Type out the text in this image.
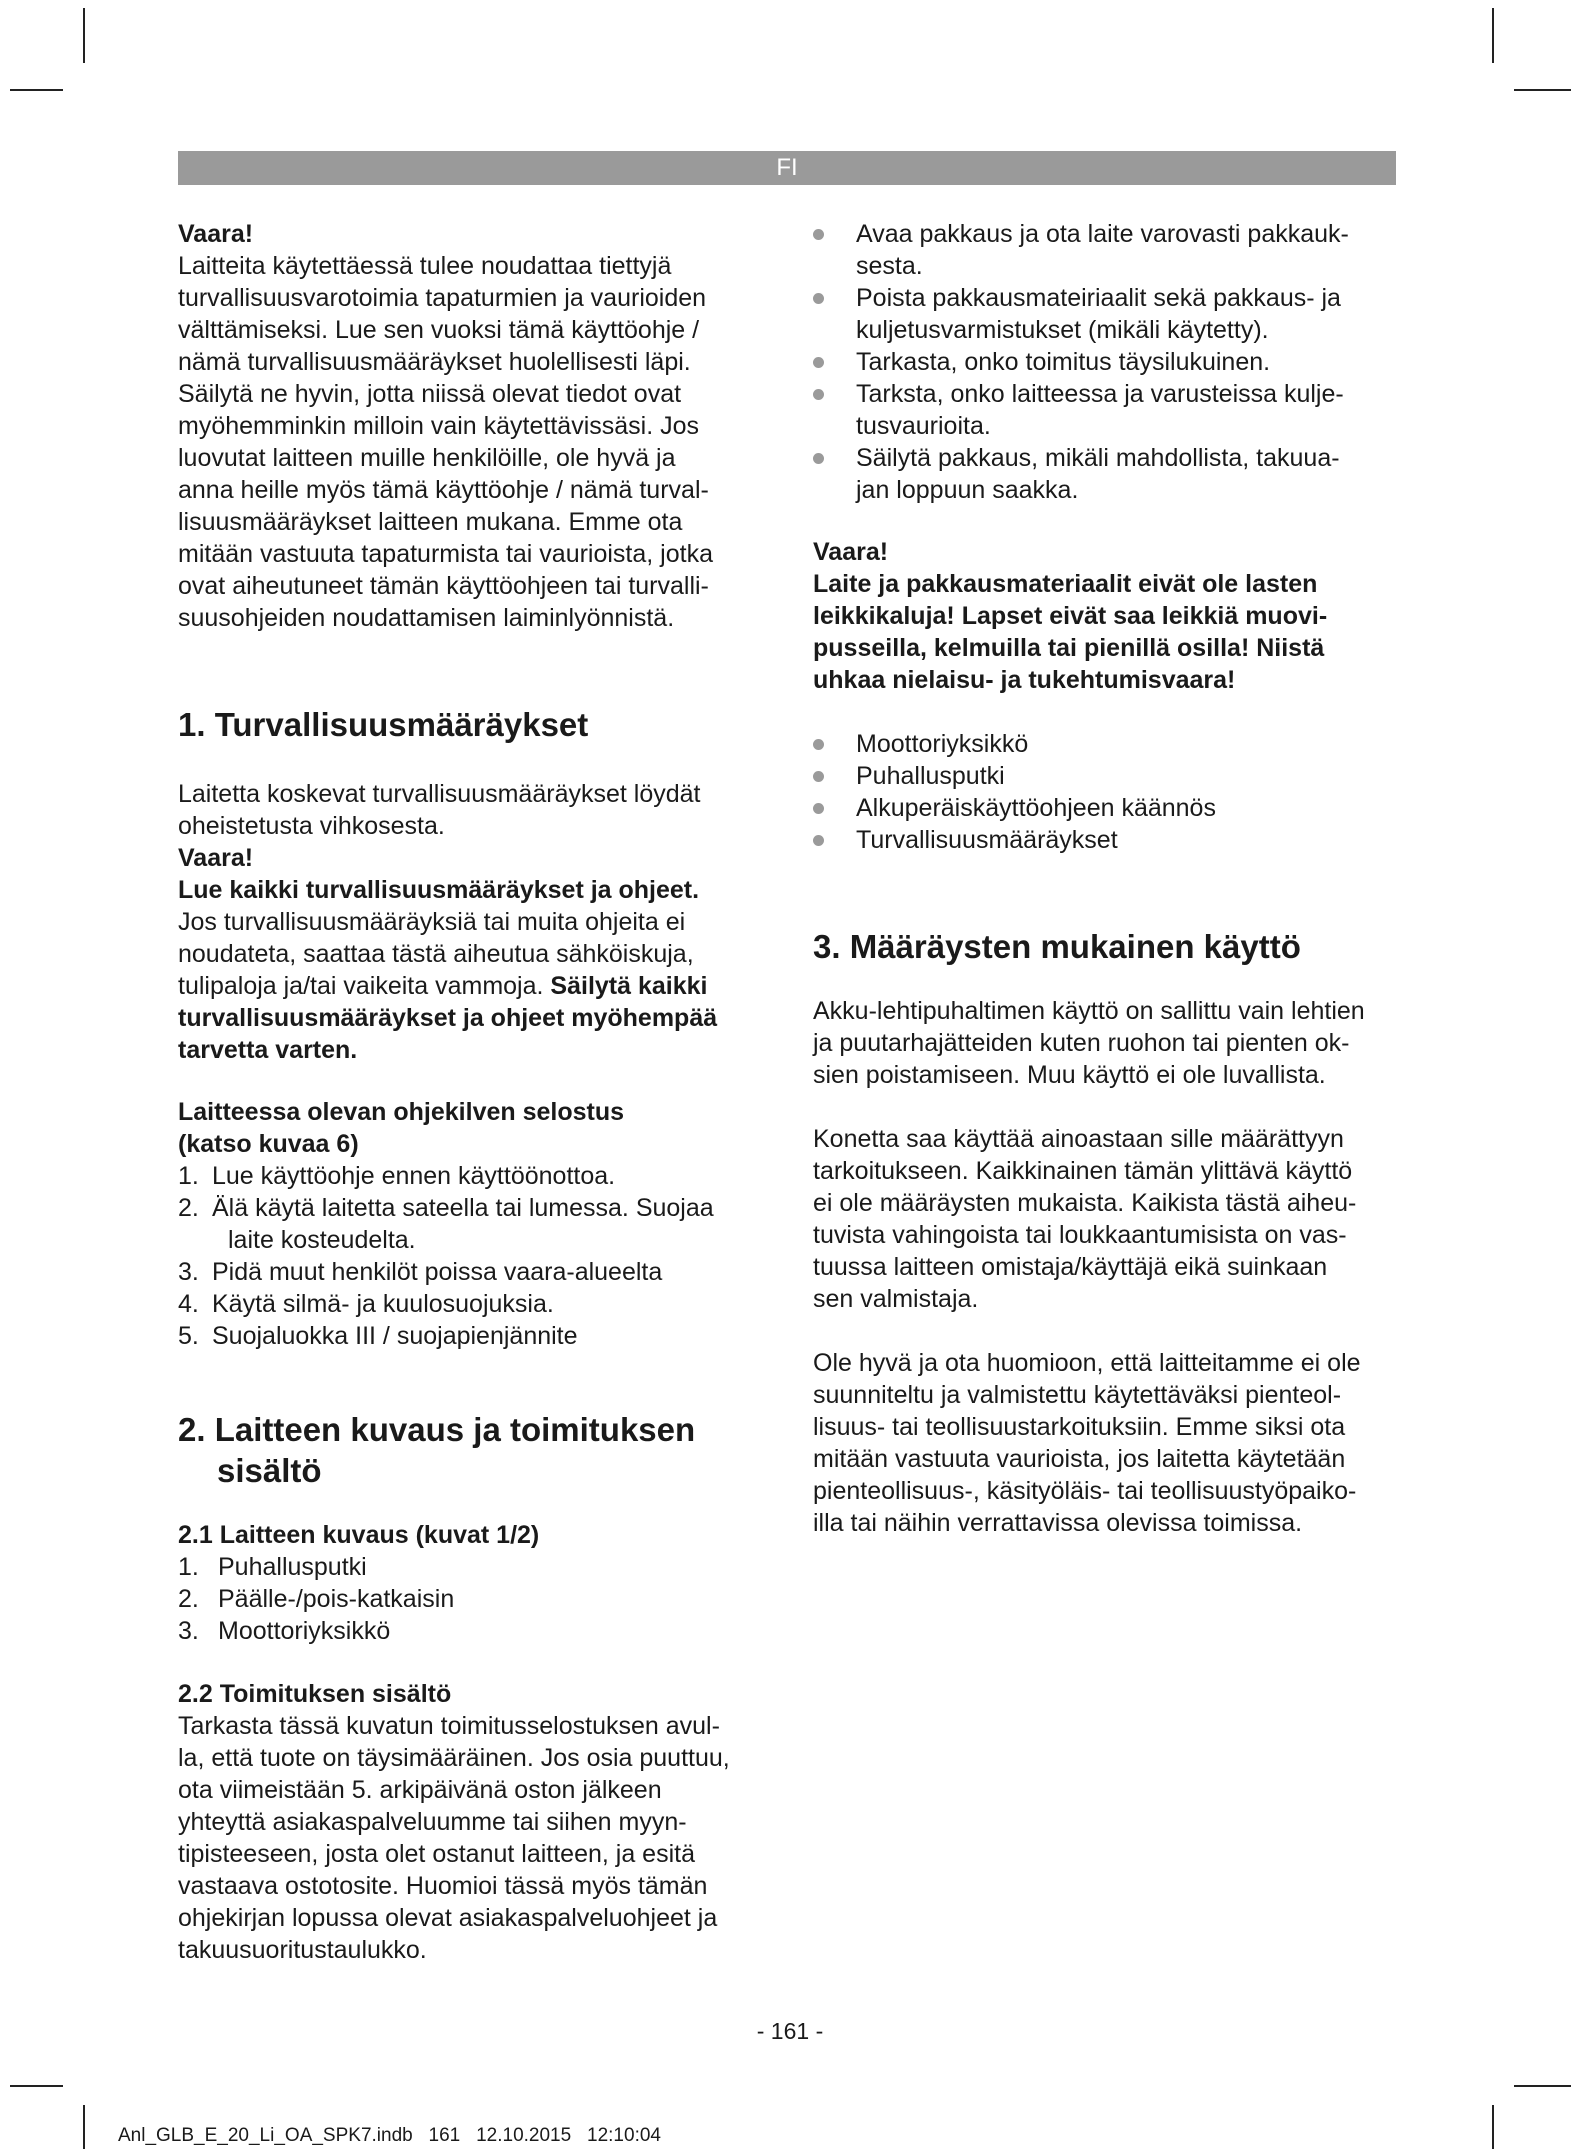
FI

Vaara!

Laitteita käytettäessä tulee noudattaa tiettyjä

turvallisuusvarotoimia tapaturmien ja vaurioiden

välttämiseksi. Lue sen vuoksi tämä käyttöohje /

nämä turvallisuusmääräykset huolellisesti läpi.

Säilytä ne hyvin, jotta niissä olevat tiedot ovat

myöhemminkin milloin vain käytettävissäsi. Jos

luovutat laitteen muille henkilöille, ole hyvä ja

anna heille myös tämä käyttöohje / nämä turval-

lisuusmääräykset laitteen mukana. Emme ota

mitään vastuuta tapaturmista tai vaurioista, jotka

ovat aiheutuneet tämän käyttöohjeen tai turvalli-

suusohjeiden noudattamisen laiminlyönnistä.

1. Turvallisuusmääräykset

Laitetta koskevat turvallisuusmääräykset löydät

oheistetusta vihkosesta.

Vaara!

Lue kaikki turvallisuusmääräykset ja ohjeet.

Jos turvallisuusmääräyksiä tai muita ohjeita ei

noudateta, saattaa tästä aiheutua sähköiskuja,

tulipaloja ja/tai vaikeita vammoja. Säilytä kaikki

turvallisuusmääräykset ja ohjeet myöhempää

tarvetta varten.

Laitteessa olevan ohjekilven selostus

(katso kuvaa 6)

1. Lue käyttöohje ennen käyttöönottoa.
2. Älä käytä laitetta sateella tai lumessa. Suojaa

laite kosteudelta.

3. Pidä muut henkilöt poissa vaara-alueelta
4. Käytä silmä- ja kuulosuojuksia.
5. Suojaluokka III / suojapienjännite

2. Laitteen kuvaus ja toimituksen
sisältö

2.1 Laitteen kuvaus (kuvat 1/2)

1. Puhallusputki
2. Päälle-/pois-katkaisin
3. Moottoriyksikkö

2.2 Toimituksen sisältö

Tarkasta tässä kuvatun toimitusselostuksen avul-

la, että tuote on täysimääräinen. Jos osia puuttuu,

ota viimeistään 5. arkipäivänä oston jälkeen

yhteyttä asiakaspalveluumme tai siihen myyn-

tipisteeseen, josta olet ostanut laitteen, ja esitä

vastaava ostotosite. Huomioi tässä myös tämän

ohjekirjan lopussa olevat asiakaspalveluohjeet ja

takuusuoritustaulukko.

Avaa pakkaus ja ota laite varovasti pakkauk-
sesta.
Poista pakkausmateiriaalit sekä pakkaus- ja
kuljetusvarmistukset (mikäli käytetty).
Tarkasta, onko toimitus täysilukuinen.
Tarksta, onko laitteessa ja varusteissa kulje-
tusvaurioita.
Säilytä pakkaus, mikäli mahdollista, takuua-
jan loppuun saakka.

Vaara!

Laite ja pakkausmateriaalit eivät ole lasten

leikkikaluja! Lapset eivät saa leikkiä muovi-

pusseilla, kelmuilla tai pienillä osilla! Niistä

uhkaa nielaisu- ja tukehtumisvaara!

Moottoriyksikkö
Puhallusputki
Alkuperäiskäyttöohjeen käännös
Turvallisuusmääräykset

3. Määräysten mukainen käyttö

Akku-lehtipuhaltimen käyttö on sallittu vain lehtien

ja puutarhajätteiden kuten ruohon tai pienten ok-

sien poistamiseen. Muu käyttö ei ole luvallista.

Konetta saa käyttää ainoastaan sille määrättyyn

tarkoitukseen. Kaikkinainen tämän ylittävä käyttö

ei ole määräysten mukaista. Kaikista tästä aiheu-

tuvista vahingoista tai loukkaantumisista on vas-

tuussa laitteen omistaja/käyttäjä eikä suinkaan

sen valmistaja.

Ole hyvä ja ota huomioon, että laitteitamme ei ole

suunniteltu ja valmistettu käytettäväksi pienteol-

lisuus- tai teollisuustarkoituksiin. Emme siksi ota

mitään vastuuta vaurioista, jos laitetta käytetään

pienteollisuus-, käsityöläis- tai teollisuustyöpaiko-

illa tai näihin verrattavissa olevissa toimissa.

- 161 -
Anl_GLB_E_20_Li_OA_SPK7.indb   161   12.10.2015   12:10:04
